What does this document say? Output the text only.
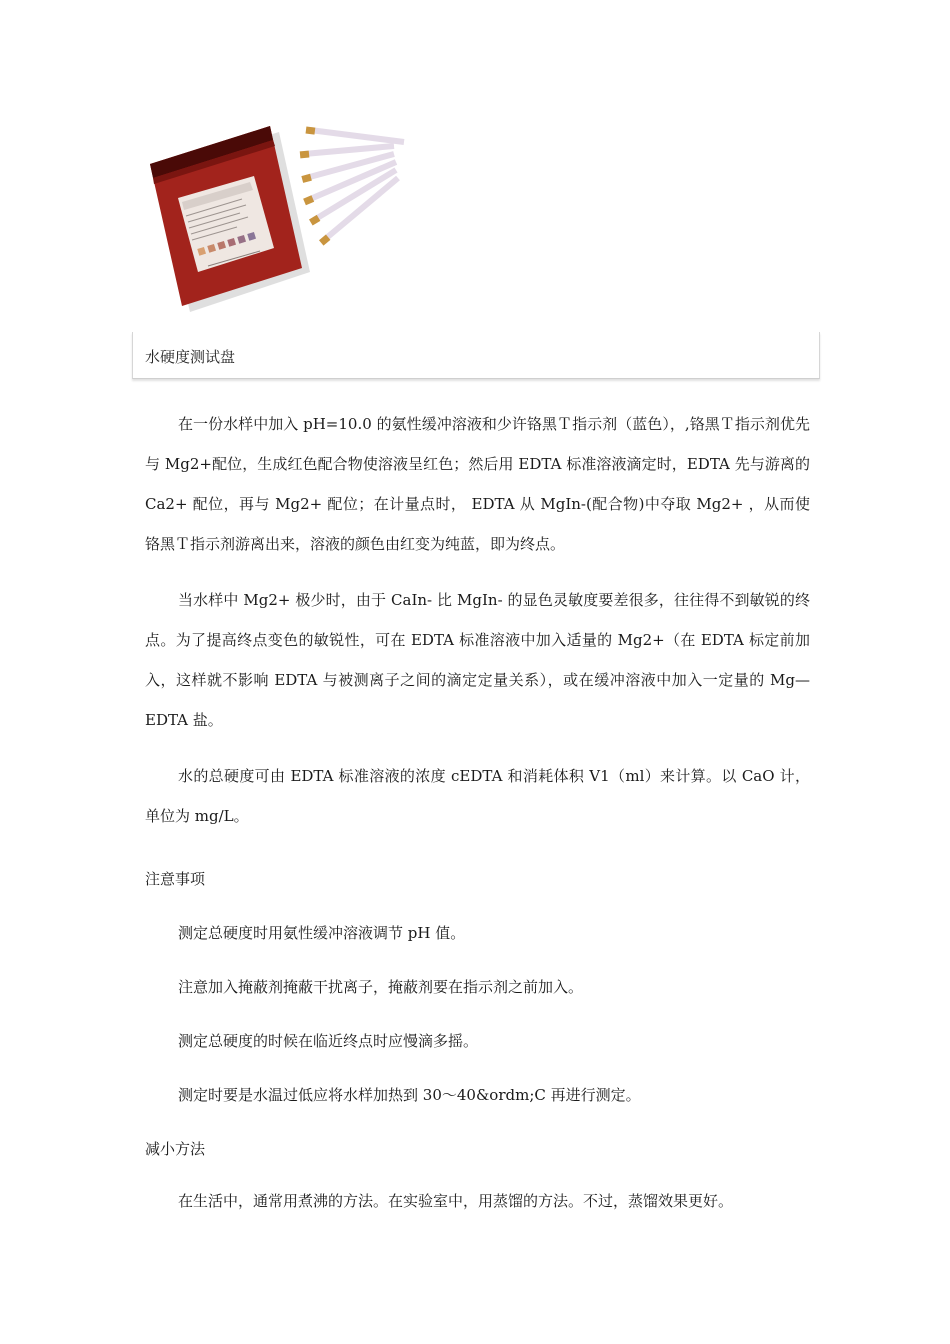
水硬度测试盘

在一份水样中加入 pH=10.0 的氨性缓冲溶液和少许铬黑Ｔ指示剂（蓝色），,铬黑Ｔ指示剂优先与 Mg2+配位，生成红色配合物使溶液呈红色；然后用 EDTA 标准溶液滴定时，EDTA 先与游离的 Ca2+ 配位，再与 Mg2+ 配位；在计量点时， EDTA 从 MgIn-(配合物)中夺取 Mg2+ ，从而使铬黑Ｔ指示剂游离出来，溶液的颜色由红变为纯蓝，即为终点。

当水样中 Mg2+ 极少时，由于 CaIn- 比 MgIn- 的显色灵敏度要差很多，往往得不到敏锐的终点。为了提高终点变色的敏锐性，可在 EDTA 标准溶液中加入适量的 Mg2+（在 EDTA 标定前加入，这样就不影响 EDTA 与被测离子之间的滴定定量关系），或在缓冲溶液中加入一定量的 Mg—EDTA 盐。

水的总硬度可由 EDTA 标准溶液的浓度 cEDTA 和消耗体积 V1（ml）来计算。以 CaO 计，单位为 mg/L。

注意事项

测定总硬度时用氨性缓冲溶液调节 pH 值。

注意加入掩蔽剂掩蔽干扰离子，掩蔽剂要在指示剂之前加入。

测定总硬度的时候在临近终点时应慢滴多摇。

测定时要是水温过低应将水样加热到 30～40&ordm;C 再进行测定。

减小方法

在生活中，通常用煮沸的方法。在实验室中，用蒸馏的方法。不过，蒸馏效果更好。
